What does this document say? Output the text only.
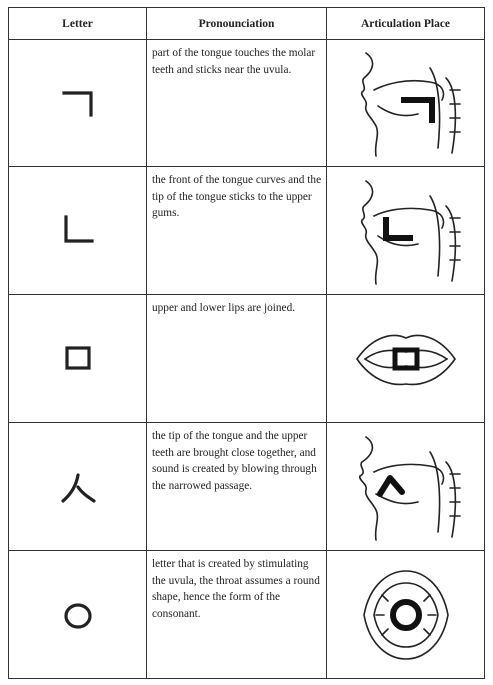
Letter	Pronounciation	Articulation Place

	part of the tongue touches the molar teeth and sticks near the uvula.	

	the front of the tongue curves and the tip of the tongue sticks to the upper gums.	

	upper and lower lips are joined.	

	the tip of the tongue and the upper teeth are brought close together, and sound is created by blowing through the narrowed passage.	

	letter that is created by stimulating the uvula, the throat assumes a round shape, hence the form of the consonant.	
